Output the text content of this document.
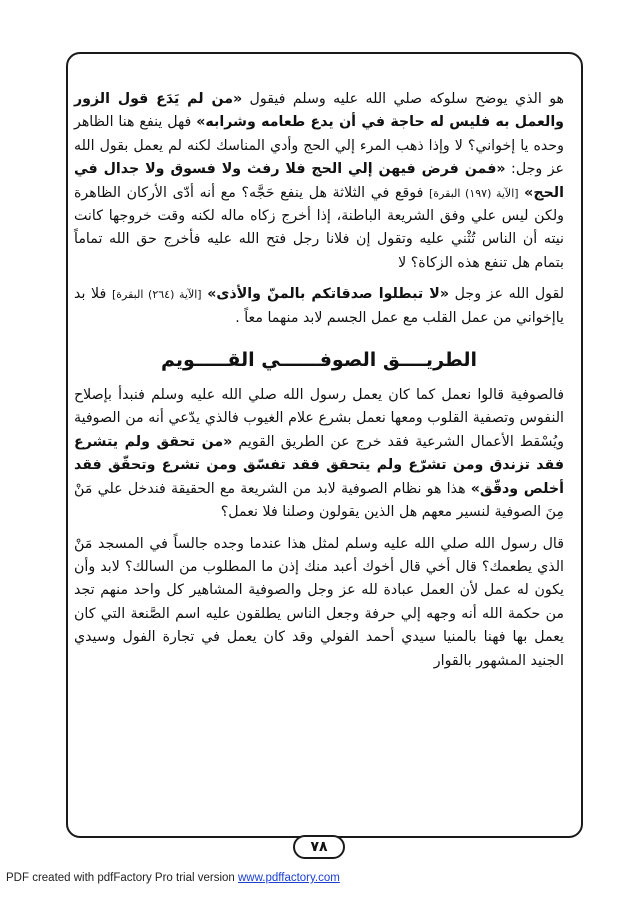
هو الذي يوضح سلوكه صلي الله عليه وسلم فيقول «من لم يَدَع قول الزور والعمل به فليس له حاجة في أن يدع طعامه وشرابه» فهل ينفع هنا الظاهر وحده يا إخواني؟ لا وإذا ذهب المرء إلي الحج وأدي المناسك لكنه لم يعمل بقول الله عز وجل: «فمن فرض فيهن إلي الحج فلا رفث ولا فسوق ولا جدال في الحج» [الآية (١٩٧) البقرة] فوقع في الثلاثة هل ينفع حَجَّه؟ مع أنه أدّى الأركان الظاهرة ولكن ليس علي وفق الشريعة الباطنة، إذا أخرج زكاه ماله لكنه وقت خروجها كانت نيته أن الناس تُثْني عليه وتقول إن فلانا رجل فتح الله عليه فأخرج حق الله تماماً بتمام هل تنفع هذه الزكاة؟ لا

لقول الله عز وجل «لا تبطلوا صدقاتكم بالمنّ والأذى» [الآية (٢٦٤) البقرة] فلا بد ياإخواني من عمل القلب مع عمل الجسم لابد منهما معاً .

الطريــــق الصوفــــــي القـــــويم

فالصوفية قالوا نعمل كما كان يعمل رسول الله صلي الله عليه وسلم فنبدأ بإصلاح النفوس وتصفية القلوب ومعها نعمل بشرع علام الغيوب فالذي يدّعي أنه من الصوفية ويُسْقط الأعمال الشرعية فقد خرج عن الطريق القويم «من تحقق ولم يتشرع فقد تزندق ومن تشرّع ولم يتحقق فقد تفسّق ومن تشرع وتحقّق فقد أخلص ودقّق» هذا هو نظام الصوفية لابد من الشريعة مع الحقيقة فندخل علي مَنْ مِنَ الصوفية لنسير معهم هل الذين يقولون وصلنا فلا نعمل؟

قال رسول الله صلي الله عليه وسلم لمثل هذا عندما وجده جالساً في المسجد مَنْ الذي يطعمك؟ قال أخي قال أخوك أعبد منك إذن ما المطلوب من السالك؟ لابد وأن يكون له عمل لأن العمل عبادة لله عز وجل والصوفية المشاهير كل واحد منهم تجد من حكمة الله أنه وجهه إلي حرفة وجعل الناس يطلقون عليه اسم الصَّنعة التي كان يعمل بها فهنا بالمنيا سيدي أحمد الفولي وقد كان يعمل في تجارة الفول وسيدي الجنيد المشهور بالقوار

٧٨
PDF created with pdfFactory Pro trial version www.pdffactory.com
